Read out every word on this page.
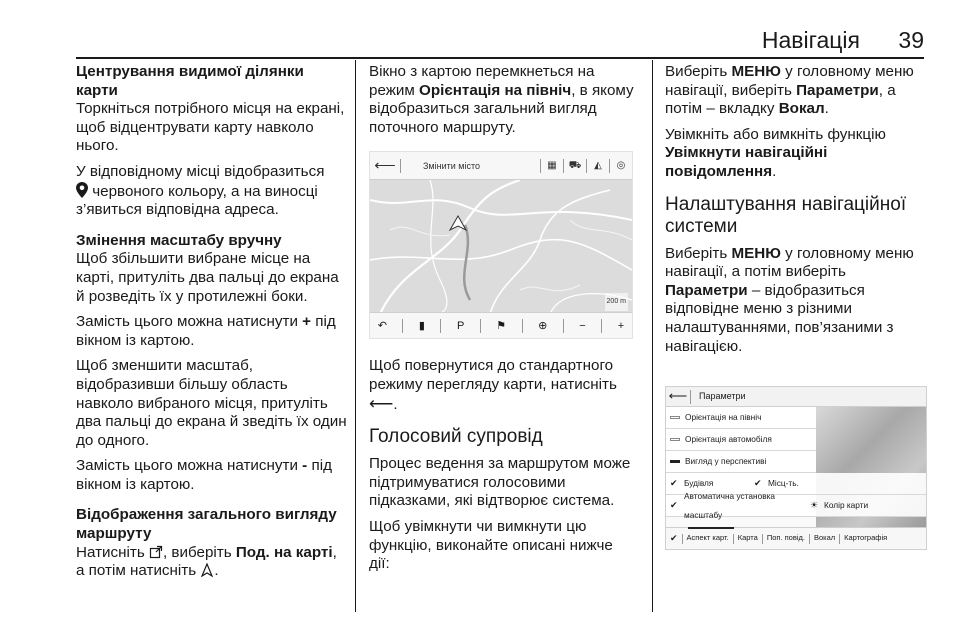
Навігація 39

Центрування видимої ділянки карти

Торкніться потрібного місця на екрані, щоб відцентрувати карту навколо нього.

У відповідному місці відобразиться
червоного кольору, а на виносці з’явиться відповідна адреса.

Змінення масштабу вручну

Щоб збільшити вибране місце на карті, притуліть два пальці до екрана й розведіть їх у протилежні боки.

Замість цього можна натиснути + під вікном із картою.

Щоб зменшити масштаб, відобразивши більшу область навколо вибраного місця, притуліть два пальці до екрана й зведіть їх один до одного.

Замість цього можна натиснути - під вікном із картою.

Відображення загального вигляду маршруту

Натисніть , виберіть Под. на карті, а потім натисніть .

Вікно з картою перемкнеться на режим Орієнтація на північ, в якому відобразиться загальний вигляд поточного маршруту.

⟵	Змінити місто	▦	⛟	◭	◎
200 m
↶	▮	P	⚑	⊕	−	+

Щоб повернутися до стандартного режиму перегляду карти, натисніть
⟵.

Голосовий супровід

Процес ведення за маршрутом може підтримуватися голосовими підказками, які відтворює система.

Щоб увімкнути чи вимкнути цю функцію, виконайте описані нижче дії:

Виберіть МЕНЮ у головному меню навігації, виберіть Параметри, а потім – вкладку Вокал.

Увімкніть або вимкніть функцію Увімкнути навігаційні повідомлення.

Налаштування навігаційної системи

Виберіть МЕНЮ у головному меню навігації, а потім виберіть Параметри – відобразиться відповідне меню з різними налаштуваннями, пов’язаними з навігацією.

⟵	Параметри
Орієнтація на північ
Орієнтація автомобіля
Вигляд у перспективі
✔ Будівля	✔ Місц-ть.
✔
Автоматична установка масштабу
☀ Колір карти
✔	Аспект карт.	Карта	Поп. повід.	Вокал	Картографія
